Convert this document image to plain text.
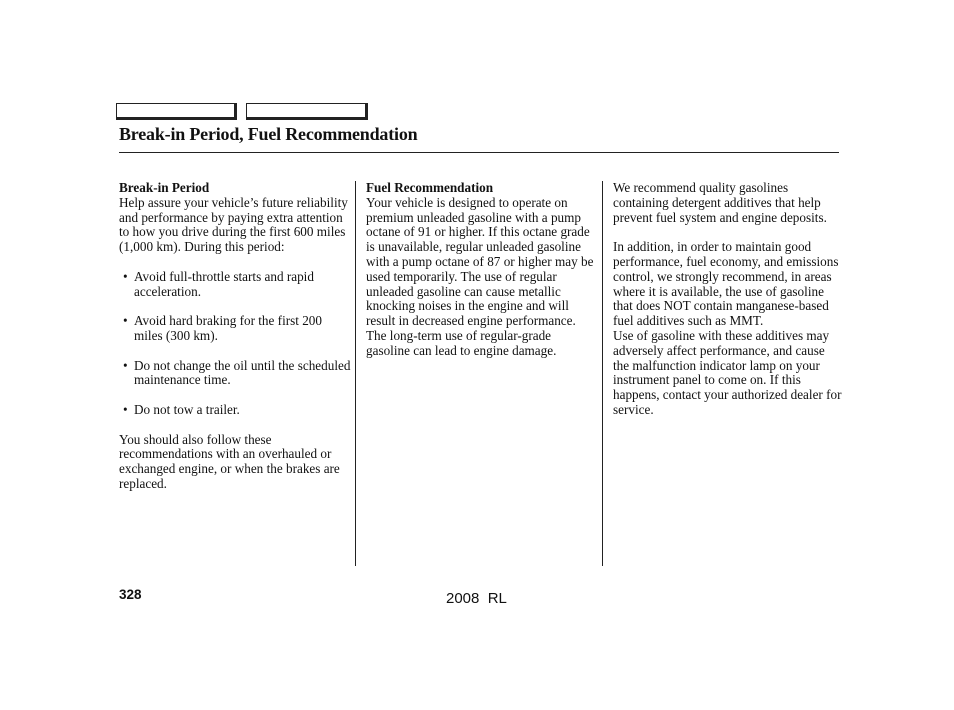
Break-in Period, Fuel Recommendation
Break-in Period

Help assure your vehicle’s future reliability and performance by paying extra attention to how you drive during the first 600 miles (1,000 km). During this period:

• Avoid full-throttle starts and rapid acceleration.
• Avoid hard braking for the first 200 miles (300 km).
• Do not change the oil until the scheduled maintenance time.
• Do not tow a trailer.

You should also follow these recommendations with an overhauled or exchanged engine, or when the brakes are replaced.

Fuel Recommendation

Your vehicle is designed to operate on premium unleaded gasoline with a pump octane of 91 or higher. If this octane grade is unavailable, regular unleaded gasoline with a pump octane of 87 or higher may be used temporarily. The use of regular unleaded gasoline can cause metallic knocking noises in the engine and will result in decreased engine performance. The long-term use of regular-grade gasoline can lead to engine damage.

We recommend quality gasolines containing detergent additives that help prevent fuel system and engine deposits.

In addition, in order to maintain good performance, fuel economy, and emissions control, we strongly recommend, in areas where it is available, the use of gasoline that does NOT contain manganese-based fuel additives such as MMT.

Use of gasoline with these additives may adversely affect performance, and cause the malfunction indicator lamp on your instrument panel to come on. If this happens, contact your authorized dealer for service.

328	2008  RL
